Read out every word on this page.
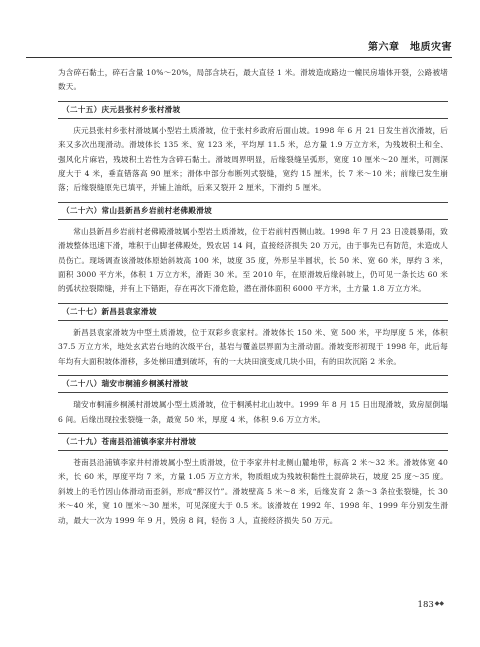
第六章　地质灾害

为含碎石黏土，碎石含量 10%～20%，局部含块石，最大直径 1 米。滑坡造成路边一幢民房墙体开裂，公路被堵数天。

（二十五）庆元县张村乡张村滑坡

庆元县张村乡张村滑坡属小型岩土质滑坡，位于张村乡政府后面山坡。1998 年 6 月 21 日发生首次滑坡，后来又多次出现滑动。滑坡体长 135 米、宽 123 米，平均厚 11.5 米，总方量 1.9 万立方米，为残坡积土和全、强风化片麻岩，残坡积土岩性为含碎石黏土。滑坡周界明显，后缘裂缝呈弧形，宽度 10 厘米～20 厘米，可测深度大于 4 米，垂直错落高 90 厘米；滑体中部分布断列式裂缝，宽约 15 厘米，长 7 米～10 米；前缘已发生崩落；后缘裂缝原先已填平，并铺上油纸，后来又裂开 2 厘米，下滑约 5 厘米。

（二十六）常山县新昌乡岩前村老佛殿滑坡

常山县新昌乡岩前村老佛殿滑坡属小型岩土质滑坡，位于岩前村西侧山坡。1998 年 7 月 23 日凌晨暴雨，致滑坡整体迅速下滑，堆积于山脚老佛殿处，毁农居 14 间，直接经济损失 20 万元，由于事先已有防范，未造成人员伤亡。现场调查该滑坡体原始斜坡高 100 米，坡度 35 度，外形呈半圆状，长 50 米、宽 60 米，厚约 3 米，面积 3000 平方米，体积 1 万立方米，滑距 30 米。至 2010 年，在原滑坡后缘斜坡上，仍可见一条长达 60 米的弧状拉裂隙缝，并有上下错距，存在再次下滑危险，潜在滑体面积 6000 平方米，土方量 1.8 万立方米。

（二十七）新昌县袁家滑坡

新昌县袁家滑坡为中型土质滑坡，位于双彩乡袁家村。滑坡体长 150 米、宽 500 米，平均厚度 5 米，体积 37.5 万立方米，地处玄武岩台地的次级平台，基岩与覆盖层界面为主滑动面。滑坡变形初现于 1998 年，此后每年均有大面积坡体滑移，多处梯田遭到破坏，有的一大块田演变成几块小田，有的田坎沉陷 2 米余。

（二十八）瑞安市桐浦乡桐溪村滑坡

瑞安市桐浦乡桐溪村滑坡属小型土质滑坡，位于桐溪村北山坡中。1999 年 8 月 15 日出现滑坡，致房屋倒塌 6 间。后缘出现拉张裂缝一条，最宽 50 米，厚度 4 米，体积 9.6 万立方米。

（二十九）苍南县沿浦镇李家井村滑坡

苍南县沿浦镇李家井村滑坡属小型土质滑坡，位于李家井村北侧山麓地带，标高 2 米～32 米。滑坡体宽 40 米，长 60 米，厚度平均 7 米，方量 1.05 万立方米，物质组成为残坡积黏性土混碎块石，坡度 25 度～35 度。斜坡上的毛竹因山体滑动而歪斜，形成“醉汉竹”。滑坡壁高 5 米～8 米，后缘发育 2 条～3 条拉张裂缝，长 30 米～40 米，宽 10 厘米～30 厘米，可见深度大于 0.5 米。该滑坡在 1992 年、1998 年、1999 年分别发生滑动，最大一次为 1999 年 9 月，毁房 8 间，轻伤 3 人，直接经济损失 50 万元。

183◆◆
